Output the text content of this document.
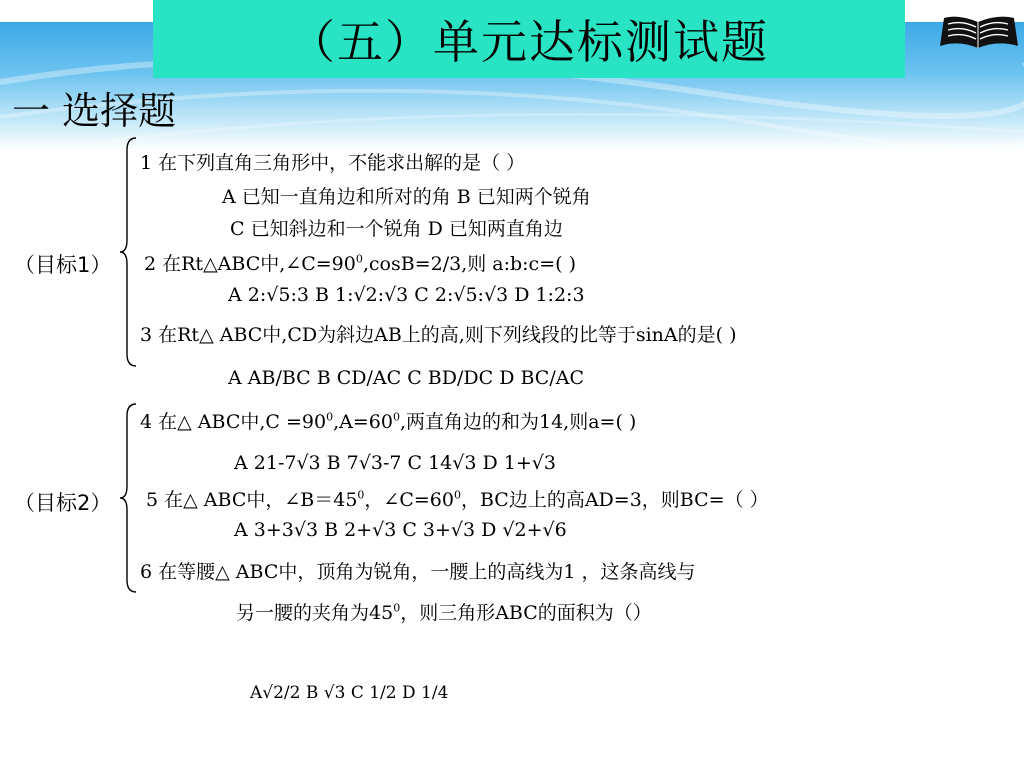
（五）单元达标测试题
一 选择题
（目标1）
（目标2）
1 在下列直角三角形中，不能求出解的是（ ）
A 已知一直角边和所对的角 B 已知两个锐角
C 已知斜边和一个锐角 D 已知两直角边
2 在Rt△ABC中$,\angle C=90^0,\cos B=2/3$,则 a:b:c=( )
A 2:√5:3 B 1:√2:√3 C 2:√5:√3 D 1:2:3
3 在Rt△ ABC中,CD为斜边AB上的高,则下列线段的比等于sinA的是( )
A AB/BC B CD/AC C BD/DC D BC/AC
4 在△ ABC中$,C =90^0,A=60^0$,两直角边的和为14,则a=( )
A 21-7√3 B 7√3-7 C 14√3 D 1+√3
5 在△ ABC中，$\angle B=45^0$，$\angle C=60^0$，BC边上的高AD=3，则BC=（ ）
A 3+3√3 B 2+√3 C 3+√3 D √2+√6
6 在等腰△ ABC中，顶角为锐角，一腰上的高线为1 ，这条高线与
另一腰的夹角为$45^0$，则三角形ABC的面积为（）
A√2/2 B √3 C 1/2 D 1/4
